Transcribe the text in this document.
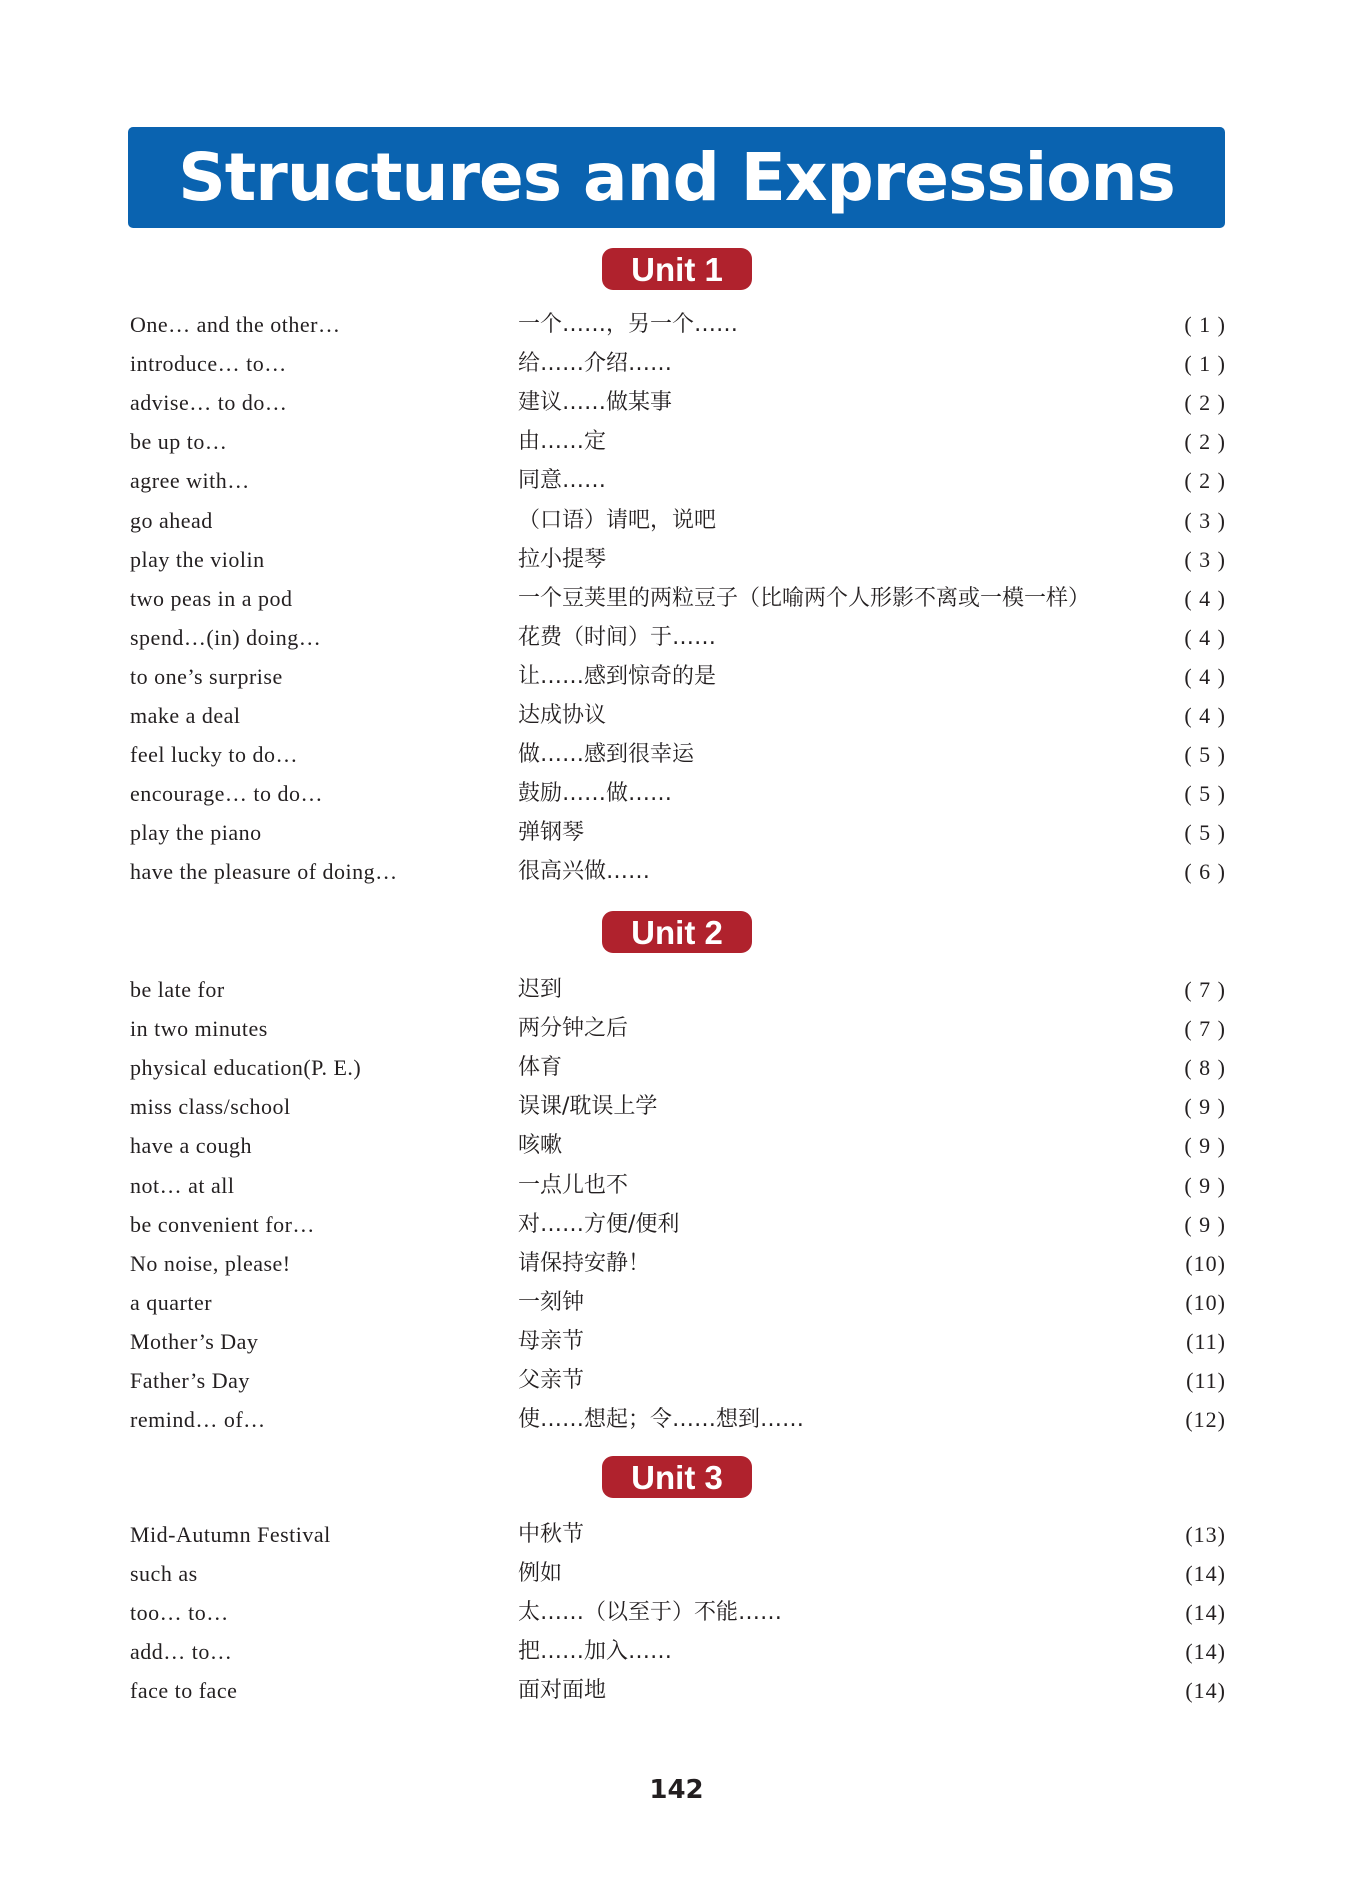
Structures and Expressions
Unit 1
Unit 2
Unit 3
One… and the other…	一个……，另一个……	( 1 )
introduce… to…	给……介绍……	( 1 )
advise… to do…	建议……做某事	( 2 )
be up to…	由……定	( 2 )
agree with…	同意……	( 2 )
go ahead	（口语）请吧，说吧	( 3 )
play the violin	拉小提琴	( 3 )
two peas in a pod	一个豆荚里的两粒豆子（比喻两个人形影不离或一模一样）	( 4 )
spend…(in) doing…	花费（时间）于……	( 4 )
to one’s surprise	让……感到惊奇的是	( 4 )
make a deal	达成协议	( 4 )
feel lucky to do…	做……感到很幸运	( 5 )
encourage… to do…	鼓励……做……	( 5 )
play the piano	弹钢琴	( 5 )
have the pleasure of doing…	很高兴做……	( 6 )
be late for	迟到	( 7 )
in two minutes	两分钟之后	( 7 )
physical education(P. E.)	体育	( 8 )
miss class/school	误课/耽误上学	( 9 )
have a cough	咳嗽	( 9 )
not… at all	一点儿也不	( 9 )
be convenient for…	对……方便/便利	( 9 )
No noise, please!	请保持安静！	(10)
a quarter	一刻钟	(10)
Mother’s Day	母亲节	(11)
Father’s Day	父亲节	(11)
remind… of…	使……想起；令……想到……	(12)
Mid-Autumn Festival	中秋节	(13)
such as	例如	(14)
too… to…	太……（以至于）不能……	(14)
add… to…	把……加入……	(14)
face to face	面对面地	(14)
142
